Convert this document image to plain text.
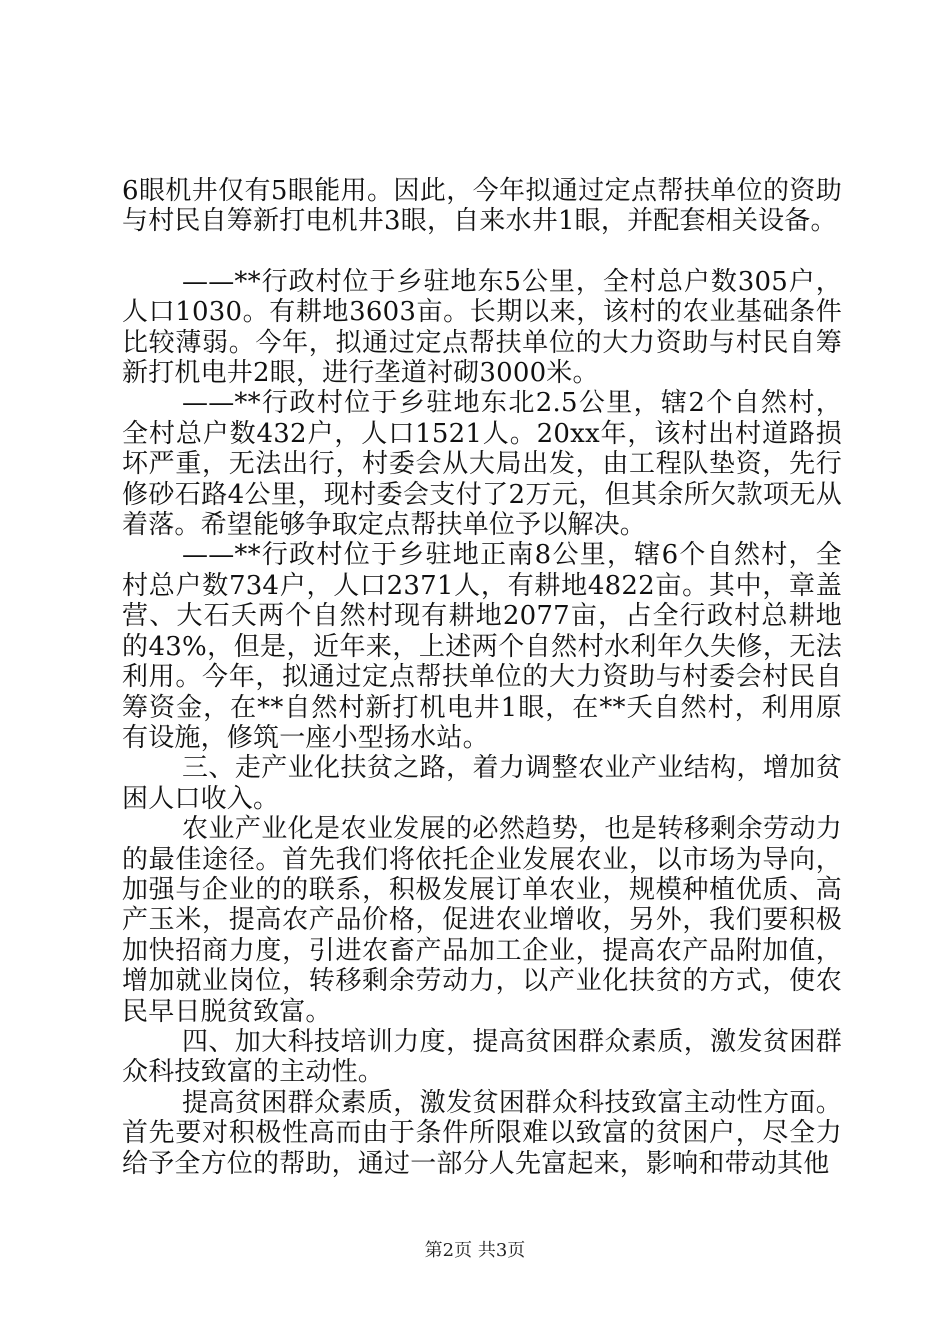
6眼机井仅有5眼能用。因此，今年拟通过定点帮扶单位的资助与村民自筹新打电机井3眼，自来水井1眼，并配套相关设备。

——**行政村位于乡驻地东5公里，全村总户数305户，人口1030。有耕地3603亩。长期以来，该村的农业基础条件比较薄弱。今年，拟通过定点帮扶单位的大力资助与村民自筹新打机电井2眼，进行垄道衬砌3000米。

——**行政村位于乡驻地东北2.5公里，辖2个自然村，全村总户数432户，人口1521人。20xx年，该村出村道路损坏严重，无法出行，村委会从大局出发，由工程队垫资，先行修砂石路4公里，现村委会支付了2万元，但其余所欠款项无从着落。希望能够争取定点帮扶单位予以解决。

——**行政村位于乡驻地正南8公里，辖6个自然村，全村总户数734户，人口2371人，有耕地4822亩。其中，章盖营、大石夭两个自然村现有耕地2077亩，占全行政村总耕地的43%，但是，近年来，上述两个自然村水利年久失修，无法利用。今年，拟通过定点帮扶单位的大力资助与村委会村民自筹资金，在**自然村新打机电井1眼，在**夭自然村，利用原有设施，修筑一座小型扬水站。

三、走产业化扶贫之路，着力调整农业产业结构，增加贫困人口收入。

农业产业化是农业发展的必然趋势，也是转移剩余劳动力的最佳途径。首先我们将依托企业发展农业，以市场为导向，加强与企业的的联系，积极发展订单农业，规模种植优质、高产玉米，提高农产品价格，促进农业增收，另外，我们要积极加快招商力度，引进农畜产品加工企业，提高农产品附加值，增加就业岗位，转移剩余劳动力，以产业化扶贫的方式，使农民早日脱贫致富。

四、加大科技培训力度，提高贫困群众素质，激发贫困群众科技致富的主动性。

提高贫困群众素质，激发贫困群众科技致富主动性方面。首先要对积极性高而由于条件所限难以致富的贫困户，尽全力给予全方位的帮助，通过一部分人先富起来，影响和带动其他

第2页 共3页
